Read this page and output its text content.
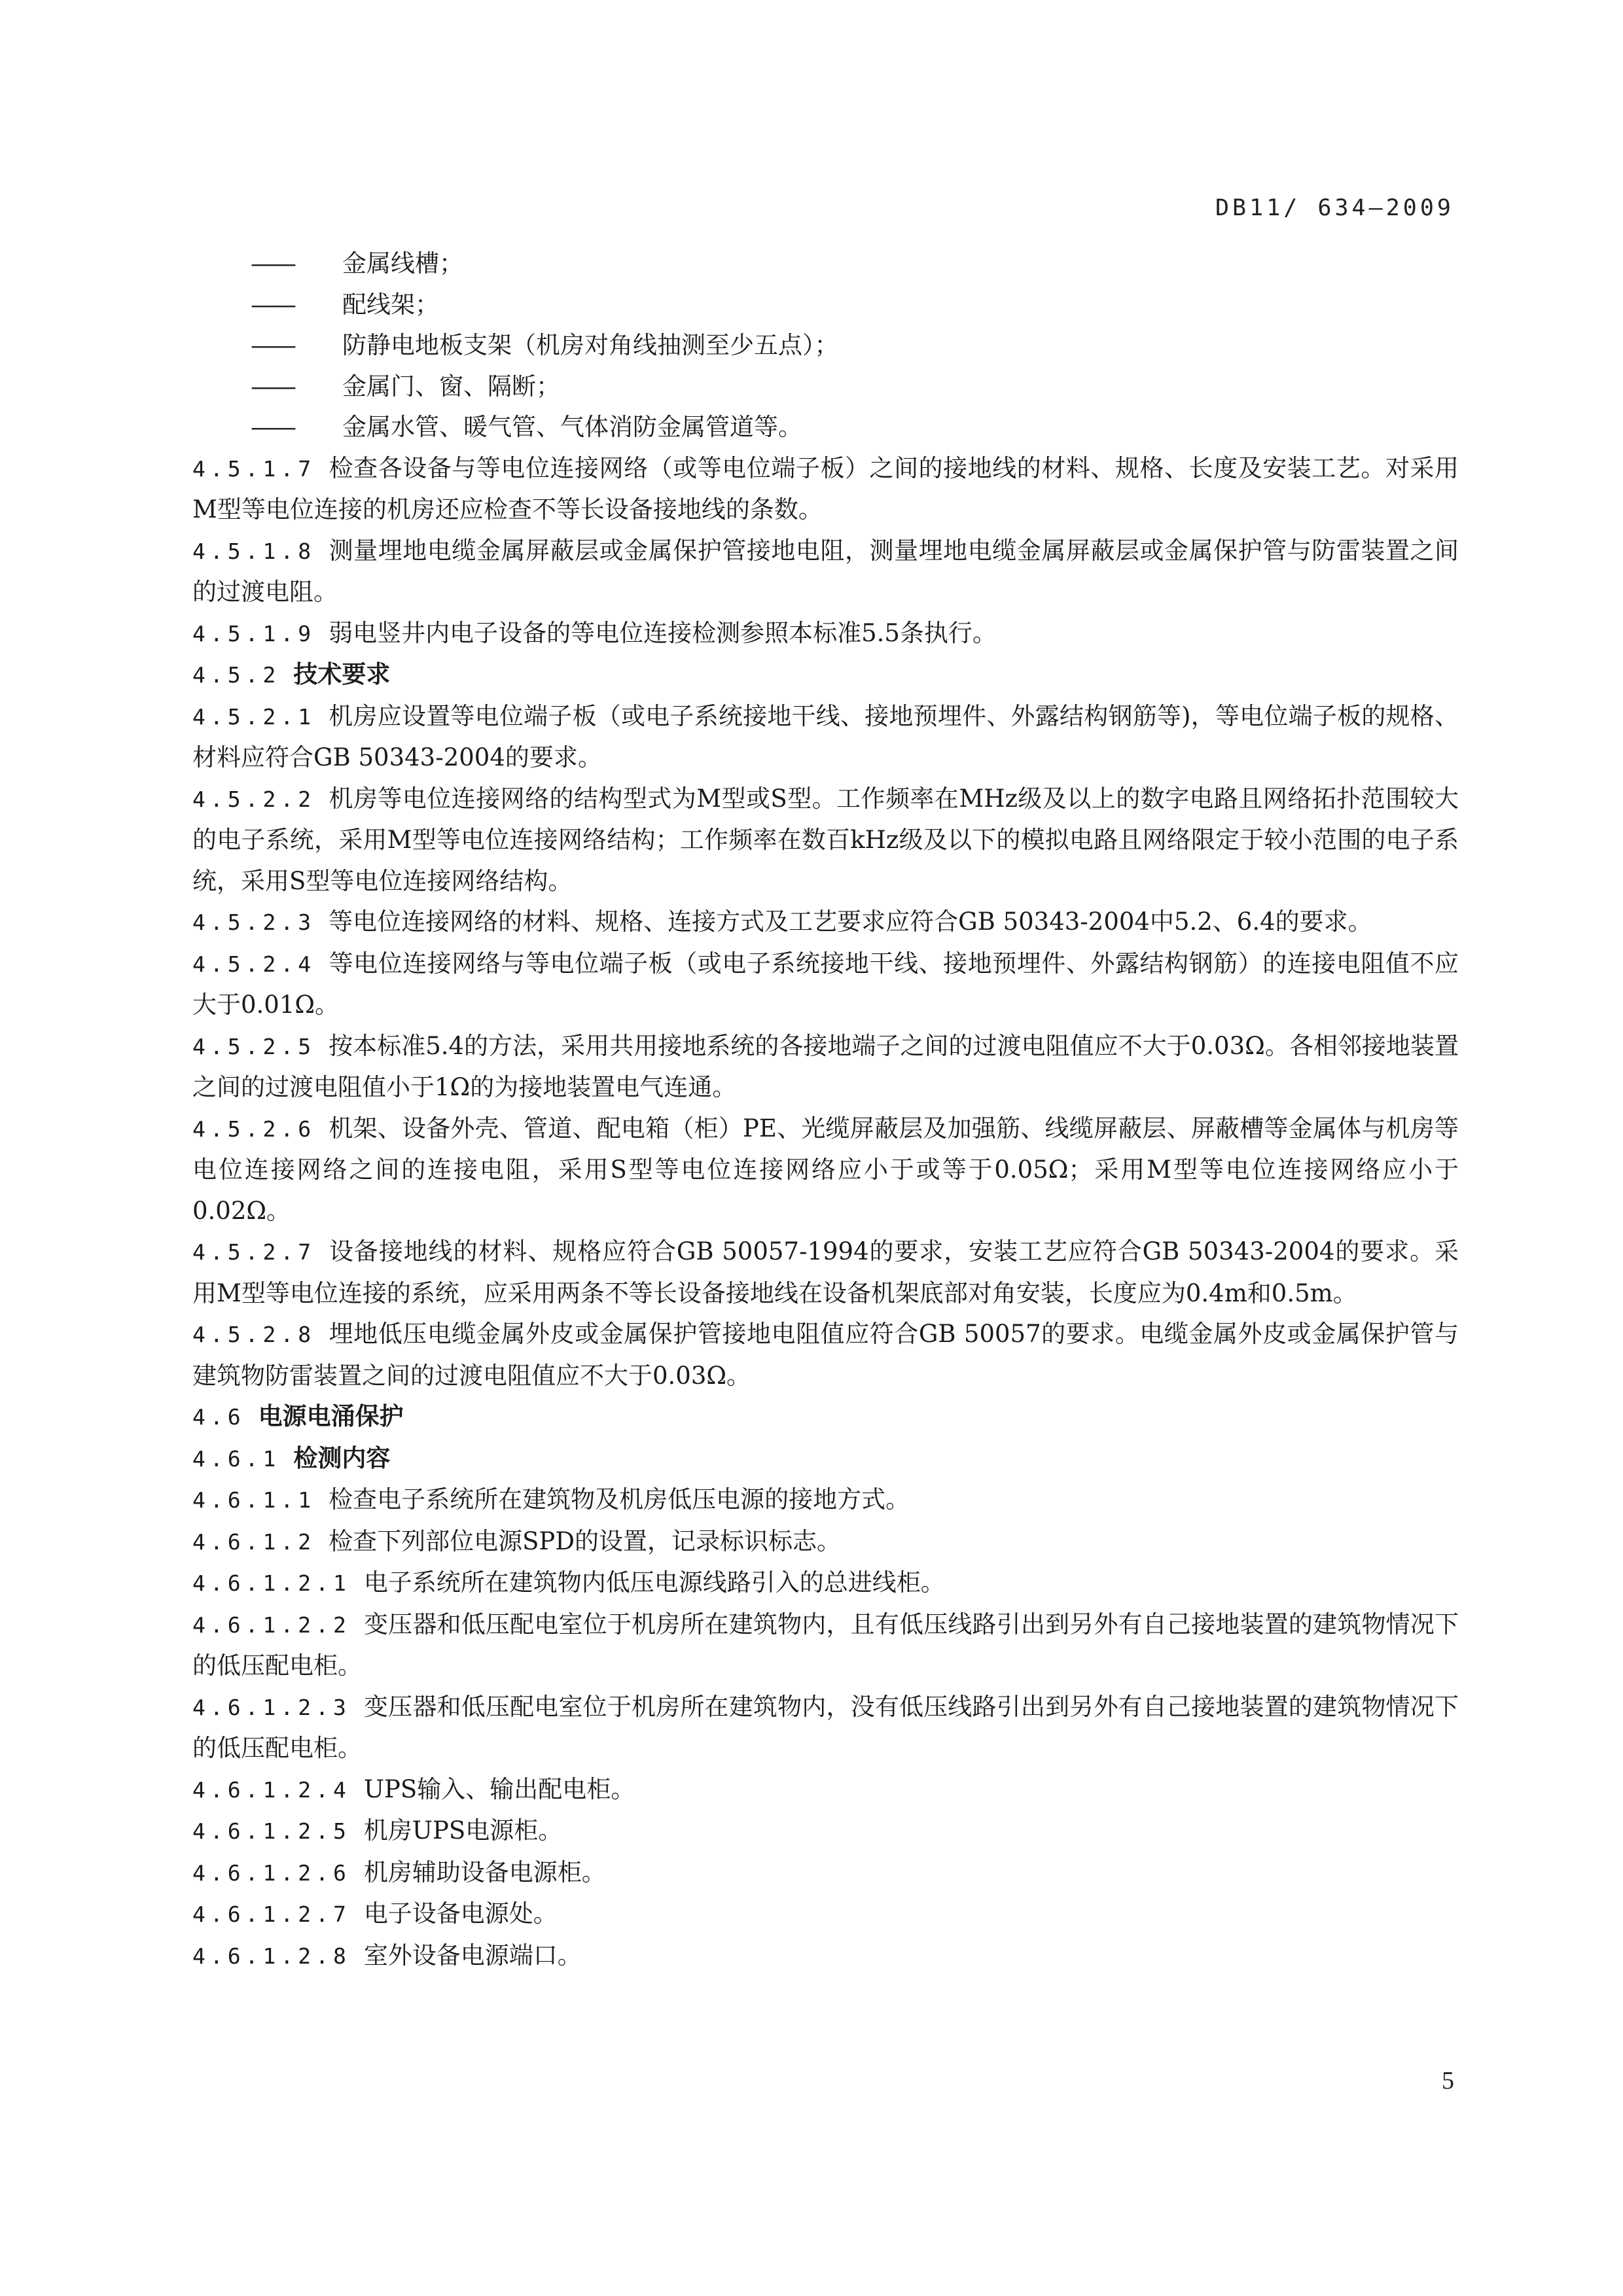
DB11/ 634—2009
—— 金属线槽；
—— 配线架；
—— 防静电地板支架（机房对角线抽测至少五点）；
—— 金属门、窗、隔断；
—— 金属水管、暖气管、气体消防金属管道等。
4.5.1.7 检查各设备与等电位连接网络（或等电位端子板）之间的接地线的材料、规格、长度及安装工艺。对采用M型等电位连接的机房还应检查不等长设备接地线的条数。
4.5.1.8 测量埋地电缆金属屏蔽层或金属保护管接地电阻，测量埋地电缆金属屏蔽层或金属保护管与防雷装置之间的过渡电阻。
4.5.1.9 弱电竖井内电子设备的等电位连接检测参照本标准5.5条执行。
4.5.2 技术要求
4.5.2.1 机房应设置等电位端子板（或电子系统接地干线、接地预埋件、外露结构钢筋等)，等电位端子板的规格、材料应符合GB 50343-2004的要求。
4.5.2.2 机房等电位连接网络的结构型式为M型或S型。工作频率在MHz级及以上的数字电路且网络拓扑范围较大的电子系统，采用M型等电位连接网络结构；工作频率在数百kHz级及以下的模拟电路且网络限定于较小范围的电子系统，采用S型等电位连接网络结构。
4.5.2.3 等电位连接网络的材料、规格、连接方式及工艺要求应符合GB 50343-2004中5.2、6.4的要求。
4.5.2.4 等电位连接网络与等电位端子板（或电子系统接地干线、接地预埋件、外露结构钢筋）的连接电阻值不应大于0.01Ω。
4.5.2.5 按本标准5.4的方法，采用共用接地系统的各接地端子之间的过渡电阻值应不大于0.03Ω。各相邻接地装置之间的过渡电阻值小于1Ω的为接地装置电气连通。
4.5.2.6 机架、设备外壳、管道、配电箱（柜）PE、光缆屏蔽层及加强筋、线缆屏蔽层、屏蔽槽等金属体与机房等电位连接网络之间的连接电阻，采用S型等电位连接网络应小于或等于0.05Ω；采用M型等电位连接网络应小于0.02Ω。
4.5.2.7 设备接地线的材料、规格应符合GB 50057-1994的要求，安装工艺应符合GB 50343-2004的要求。采用M型等电位连接的系统，应采用两条不等长设备接地线在设备机架底部对角安装，长度应为0.4m和0.5m。
4.5.2.8 埋地低压电缆金属外皮或金属保护管接地电阻值应符合GB 50057的要求。电缆金属外皮或金属保护管与建筑物防雷装置之间的过渡电阻值应不大于0.03Ω。
4.6 电源电涌保护
4.6.1 检测内容
4.6.1.1 检查电子系统所在建筑物及机房低压电源的接地方式。
4.6.1.2 检查下列部位电源SPD的设置，记录标识标志。
4.6.1.2.1 电子系统所在建筑物内低压电源线路引入的总进线柜。
4.6.1.2.2 变压器和低压配电室位于机房所在建筑物内，且有低压线路引出到另外有自己接地装置的建筑物情况下的低压配电柜。
4.6.1.2.3 变压器和低压配电室位于机房所在建筑物内，没有低压线路引出到另外有自己接地装置的建筑物情况下的低压配电柜。
4.6.1.2.4 UPS输入、输出配电柜。
4.6.1.2.5 机房UPS电源柜。
4.6.1.2.6 机房辅助设备电源柜。
4.6.1.2.7 电子设备电源处。
4.6.1.2.8 室外设备电源端口。
5
